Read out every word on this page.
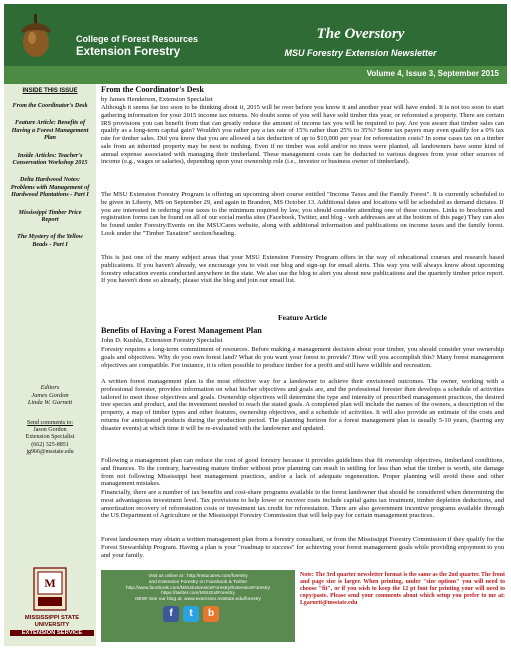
College of Forest Resources
Extension Forestry
The Overstory
MSU Forestry Extension Newsletter
Volume 4, Issue 3, September 2015
INSIDE THIS ISSUE
From the Coordinator's Desk
Feature Article: Benefits of Having a Forest Management Plan
Inside Articles: Teacher's Conservation Workshop 2015
Delta Hardwood Notes: Problems with Management of Hardwood Plantations - Part I
Mississippi Timber Price Report
The Mystery of the Yellow Beads - Part I
Editors
James Gordon
Linda W. Garnett
Send comments to:
Jason Gordon
Extension Specialist
(662) 325-8851
jg966@msstate.edu
M
MISSISSIPPI STATE
UNIVERSITY
EXTENSION SERVICE
From the Coordinator's Desk
by James Henderson, Extension Specialist

Although it seems far too soon to be thinking about it, 2015 will be over before you know it and another year will have ended. It is not too soon to start gathering information for your 2015 income tax returns. No doubt some of you will have sold timber this year, or reforested a property. There are certain IRS provisions you can benefit from that can greatly reduce the amount of income tax you will be required to pay. Are you aware that timber sales can qualify as a long-term capital gain? Wouldn't you rather pay a tax rate of 15% rather than 25% to 35%? Some tax payers may even qualify for a 0% tax rate for timber sales. Did you know that you are allowed a tax deduction of up to $10,000 per year for reforestation costs? In some cases tax on a timber sale from an inherited property may be next to nothing. Even if no timber was sold and/or no trees were planted, all landowners have some kind of annual expense associated with managing their timberland. These management costs can be deducted to various degrees from your other sources of income (e.g., wages or salaries), depending upon your ownership role (i.e., investor or business owner of timberland).

The MSU Extension Forestry Program is offering an upcoming short course entitled "Income Taxes and the Family Forest". It is currently scheduled to be given in Liberty, MS on September 29, and again in Brandon, MS October 13. Additional dates and locations will be scheduled as demand dictates. If you are interested in ordering your taxes to the minimum required by law, you should consider attending one of these courses. Links to brochures and registration forms can be found on all of our social media sites (Facebook, Twitter, and blog - web addresses are at the bottom of this page) They can also be found under Forestry/Events on the MSUCares website, along with additional information and publications on income taxes and the family forest. Look under the "Timber Taxation" section/heading.

This is just one of the many subject areas that your MSU Extension Forestry Program offers in the way of educational courses and research based publications. If you haven't already, we encourage you to visit our blog and sign-up for email alerts. This way you will always know about upcoming forestry education events conducted anywhere in the state. We also use the blog to alert you about new publications and the quarterly timber price report. If you haven't done so already, please visit the blog and join our email list.

Feature Article
Benefits of Having a Forest Management Plan
John D. Kushla, Extension Forestry Specialist

Forestry requires a long-term commitment of resources. Before making a management decision about your timber, you should consider your ownership goals and objectives. Why do you own forest land? What do you want your forest to provide? How will you accomplish this? Many forest management objectives are compatible. For instance, it is often possible to produce timber for a profit and still have wildlife and recreation.

A written forest management plan is the most effective way for a landowner to achieve their envisioned outcomes. The owner, working with a professional forester, provides information on what his/her objectives and goals are, and the professional forester then develops a schedule of activities tailored to meet those objectives and goals. Ownership objectives will determine the type and intensity of prescribed management practices, the desired tree species and product, and the investment needed to reach the stated goals. A completed plan will include the names of the owners, a description of the property, a map of timber types and other features, ownership objectives, and a schedule of activities. It will also provide an estimate of the costs and returns for anticipated products during the production period. The planning horizon for a forest management plan is usually 5-10 years, (barring any disaster events) at which time it will be re-evaluated with the landowner and updated.

Following a management plan can reduce the cost of good forestry because it provides guidelines that fit ownership objectives, timberland conditions, and finances. To the contrary, harvesting mature timber without prior planning can result in settling for less than what the timber is worth, site damage from not following Mississippi best management practices, and/or a lack of adequate regeneration. Proper planning will avoid these and other management mistakes.

Financially, there are a number of tax benefits and cost-share programs available to the forest landowner that should be considered when determining the most advantageous investment level. Tax provisions to help lower or recover costs include capital gains tax treatment, timber depletion deductions, and amortization recovery of reforestation costs or investment tax credit for reforestation. There are also government incentive programs available through the US Department of Agriculture or the Mississippi Forestry Commission that will help pay for certain management practices.

Forest landowners may obtain a written management plan from a forestry consultant, or from the Mississippi Forestry Commission if they qualify for the Forest Stewardship Program. Having a plan is your "roadmap to success" for achieving your forest management goals while providing enjoyment to you and your family.

Visit us online at : http://msucares.com/forestry
and Extension Forestry on Facebook & Twitter
http://www.facebook.com/MSUExtensionForestry/ExtensionForestry
https://twitter.com/MSUExtForestry
NEW! See our blog at: www.extension.msstate.edu/forestry
f	t	b
Note: The 3rd quarter newsletter format is the same as the 2nd quarter. The front and page size is larger. When printing, under "size options" you will need to choose "fit", or if you wish to keep the 12 pt font for printing your will need to copy/paste. Please send your comments about which setup you prefer to me at: Lgarnett@msstate.edu
